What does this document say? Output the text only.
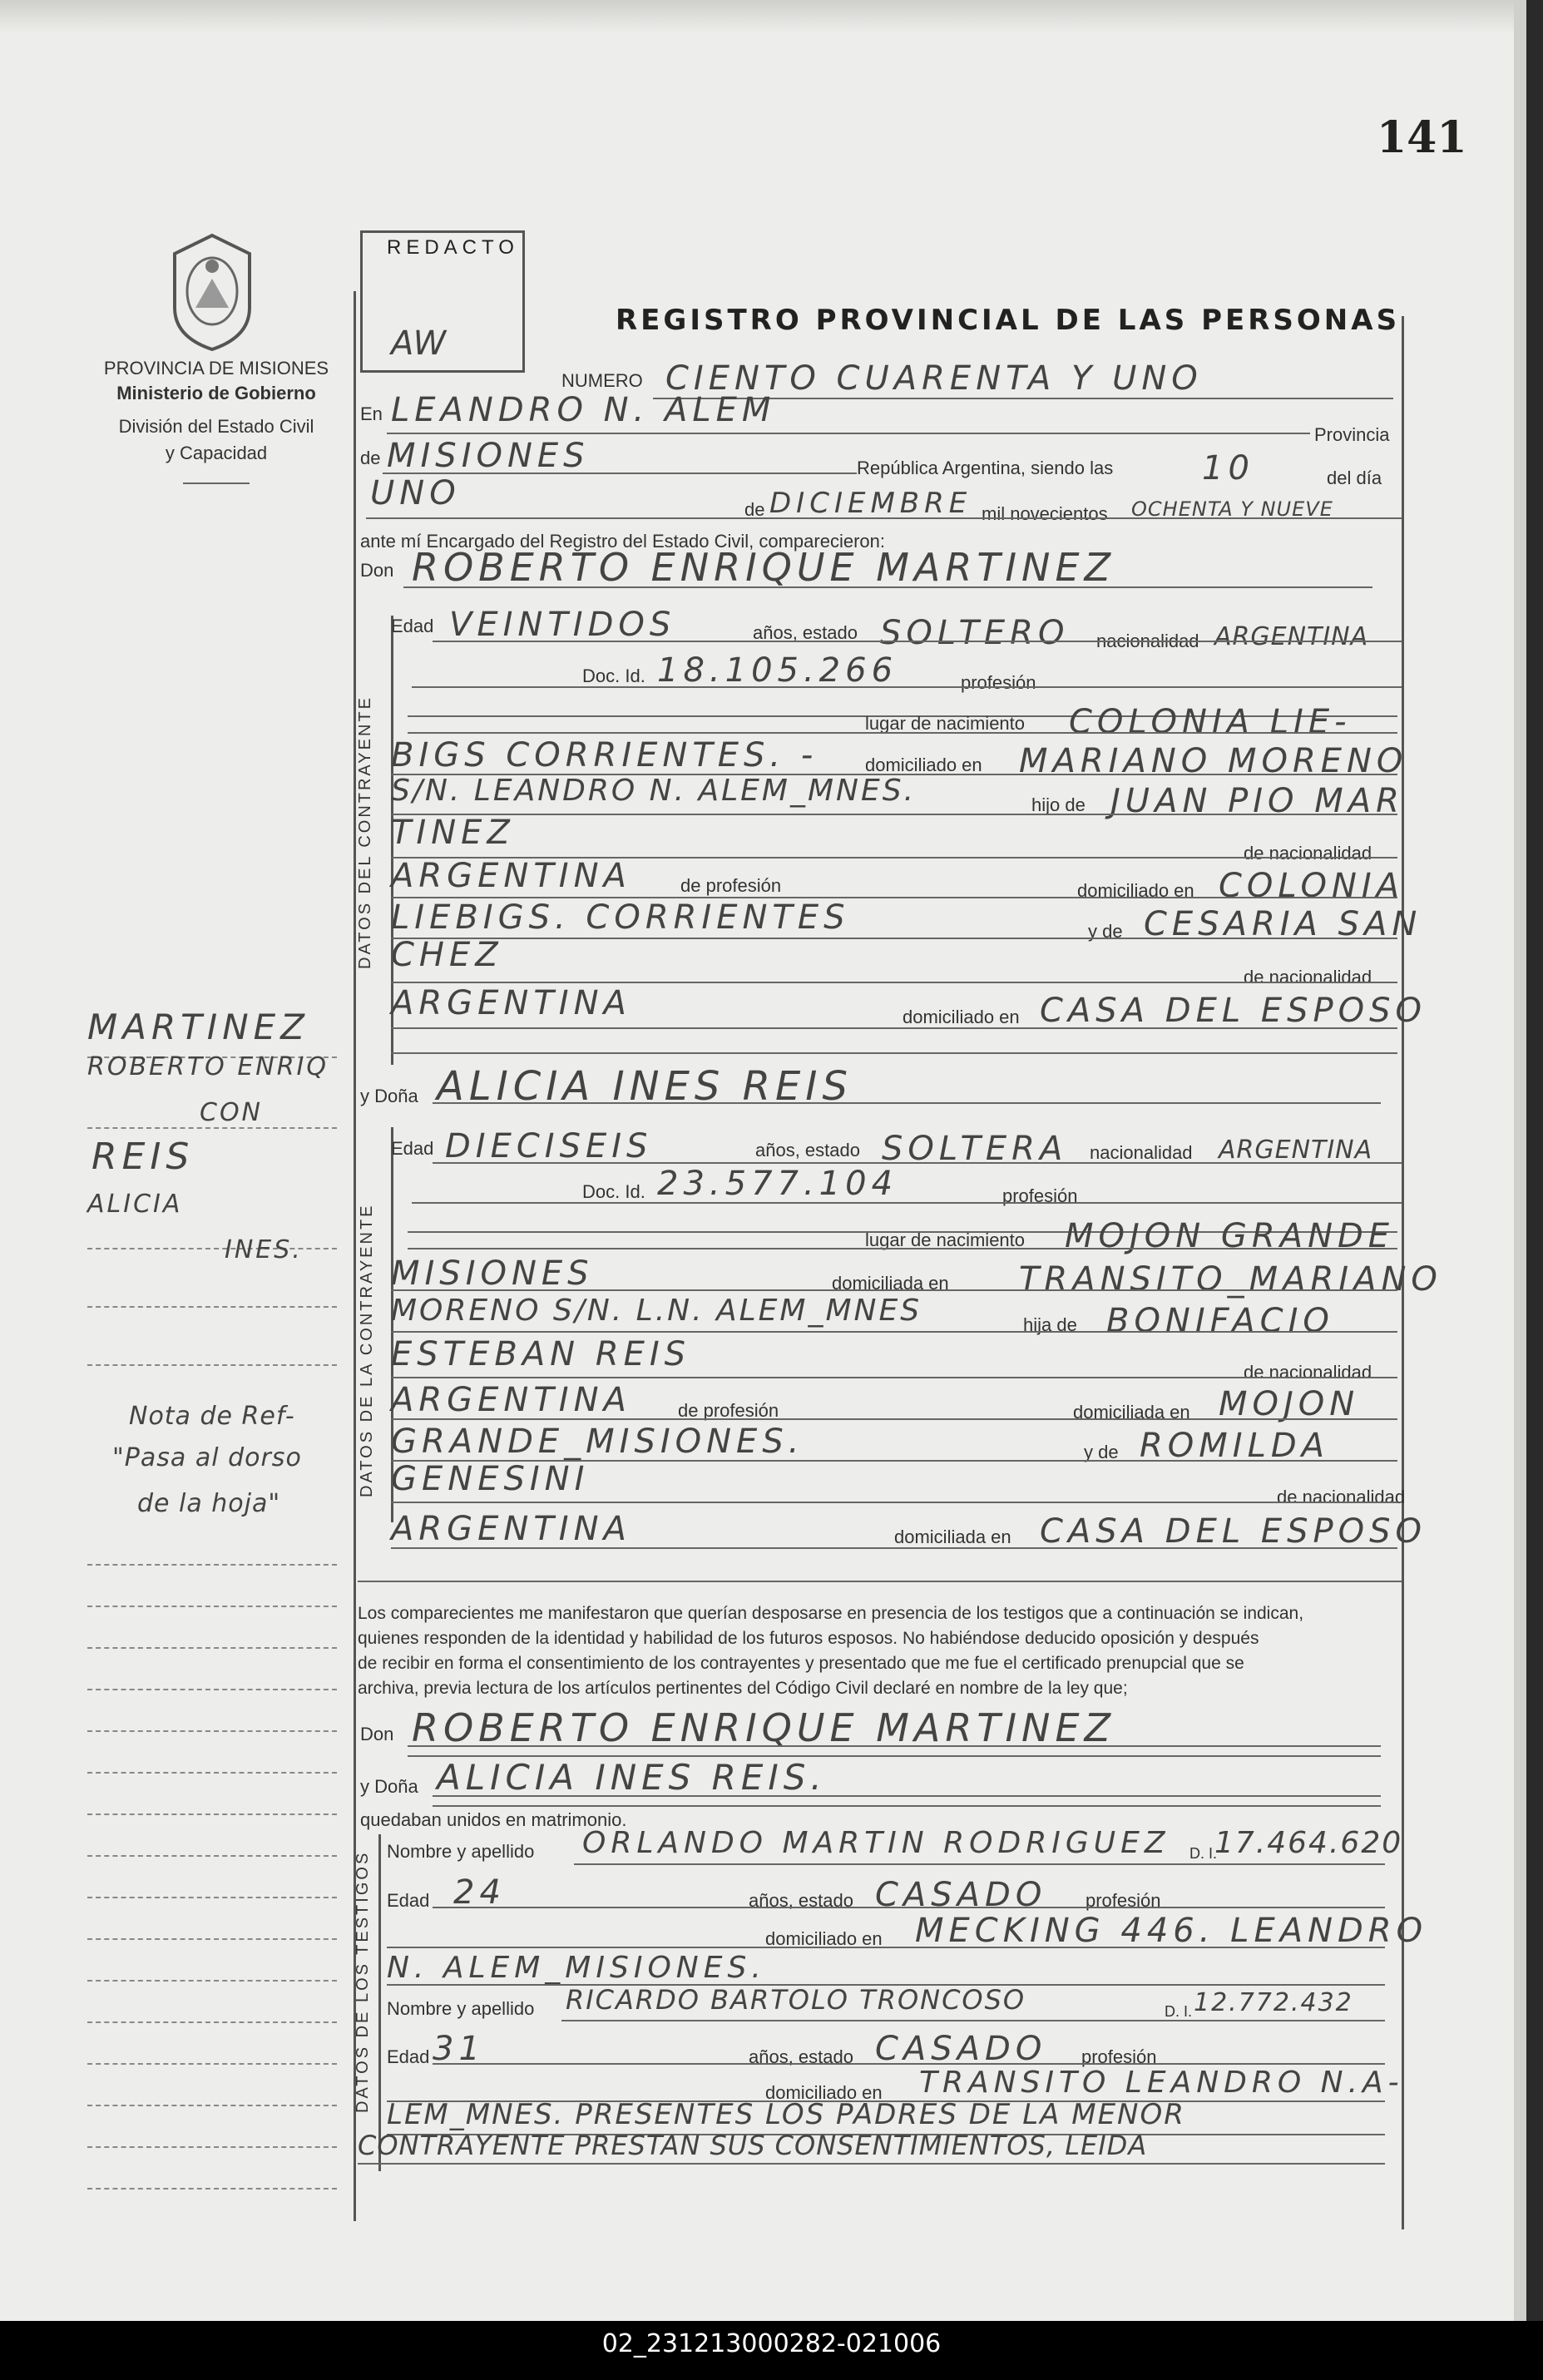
141
PROVINCIA DE MISIONES
Ministerio de Gobierno
División del Estado Civil
y Capacidad
REDACTO
AW
REGISTRO PROVINCIAL DE LAS PERSONAS
MARTINEZ
ROBERTO ENRIQ
CON
REIS
ALICIA
INES.
Nota de Ref-
"Pasa al dorso
de la hoja"
NUMERO CIENTO CUARENTA Y UNO
En LEANDRO N. ALEM
Provincia
de MISIONES	República Argentina, siendo las	10	del día
UNO	de DICIEMBRE mil novecientos OCHENTA Y NUEVE
ante mí Encargado del Registro del Estado Civil, comparecieron:
Don ROBERTO ENRIQUE MARTINEZ
DATOS DEL CONTRAYENTE
Edad VEINTIDOS	años, estado SOLTERO nacionalidad ARGENTINA
Doc. Id. 18.105.266	profesión
lugar de nacimiento COLONIA LIE-
BIGS CORRIENTES. -	domiciliado en MARIANO MORENO
S/N. LEANDRO N. ALEM_MNES.	hijo de JUAN PIO MAR
TINEZ
de nacionalidad
ARGENTINA	de profesión	domiciliado en COLONIA
LIEBIGS. CORRIENTES	y de CESARIA SAN
CHEZ
de nacionalidad
ARGENTINA	domiciliado en CASA DEL ESPOSO
y Doña ALICIA INES REIS
DATOS DE LA CONTRAYENTE
Edad DIECISEIS	años, estado SOLTERA nacionalidad ARGENTINA
Doc. Id. 23.577.104	profesión
lugar de nacimiento MOJON GRANDE
MISIONES	domiciliada en TRANSITO_MARIANO
MORENO S/N. L.N. ALEM_MNES	hija de BONIFACIO
ESTEBAN REIS	de nacionalidad
ARGENTINA	de profesión	domiciliada en MOJON
GRANDE_MISIONES.	y de ROMILDA
GENESINI	de nacionalidad
ARGENTINA	domiciliada en CASA DEL ESPOSO
Los comparecientes me manifestaron que querían desposarse en presencia de los testigos que a continuación se indican,
quienes responden de la identidad y habilidad de los futuros esposos. No habiéndose deducido oposición y después
de recibir en forma el consentimiento de los contrayentes y presentado que me fue el certificado prenupcial que se
archiva, previa lectura de los artículos pertinentes del Código Civil declaré en nombre de la ley que;
Don ROBERTO ENRIQUE MARTINEZ
y Doña ALICIA INES REIS.
quedaban unidos en matrimonio.
DATOS DE LOS TESTIGOS Nombre y apellido ORLANDO MARTIN RODRIGUEZ D. I.
17.464.620
Edad 24	años, estado CASADO profesión
domiciliado en MECKING 446. LEANDRO
N. ALEM_MISIONES.
Nombre y apellido RICARDO BARTOLO TRONCOSO	D. I. 12.772.432
Edad 31	años, estado CASADO profesión
domiciliado en TRANSITO LEANDRO N.A-
LEM_MNES. PRESENTES LOS PADRES DE LA MENOR
CONTRAYENTE PRESTAN SUS CONSENTIMIENTOS, LEIDA
02_231213000282-021006
